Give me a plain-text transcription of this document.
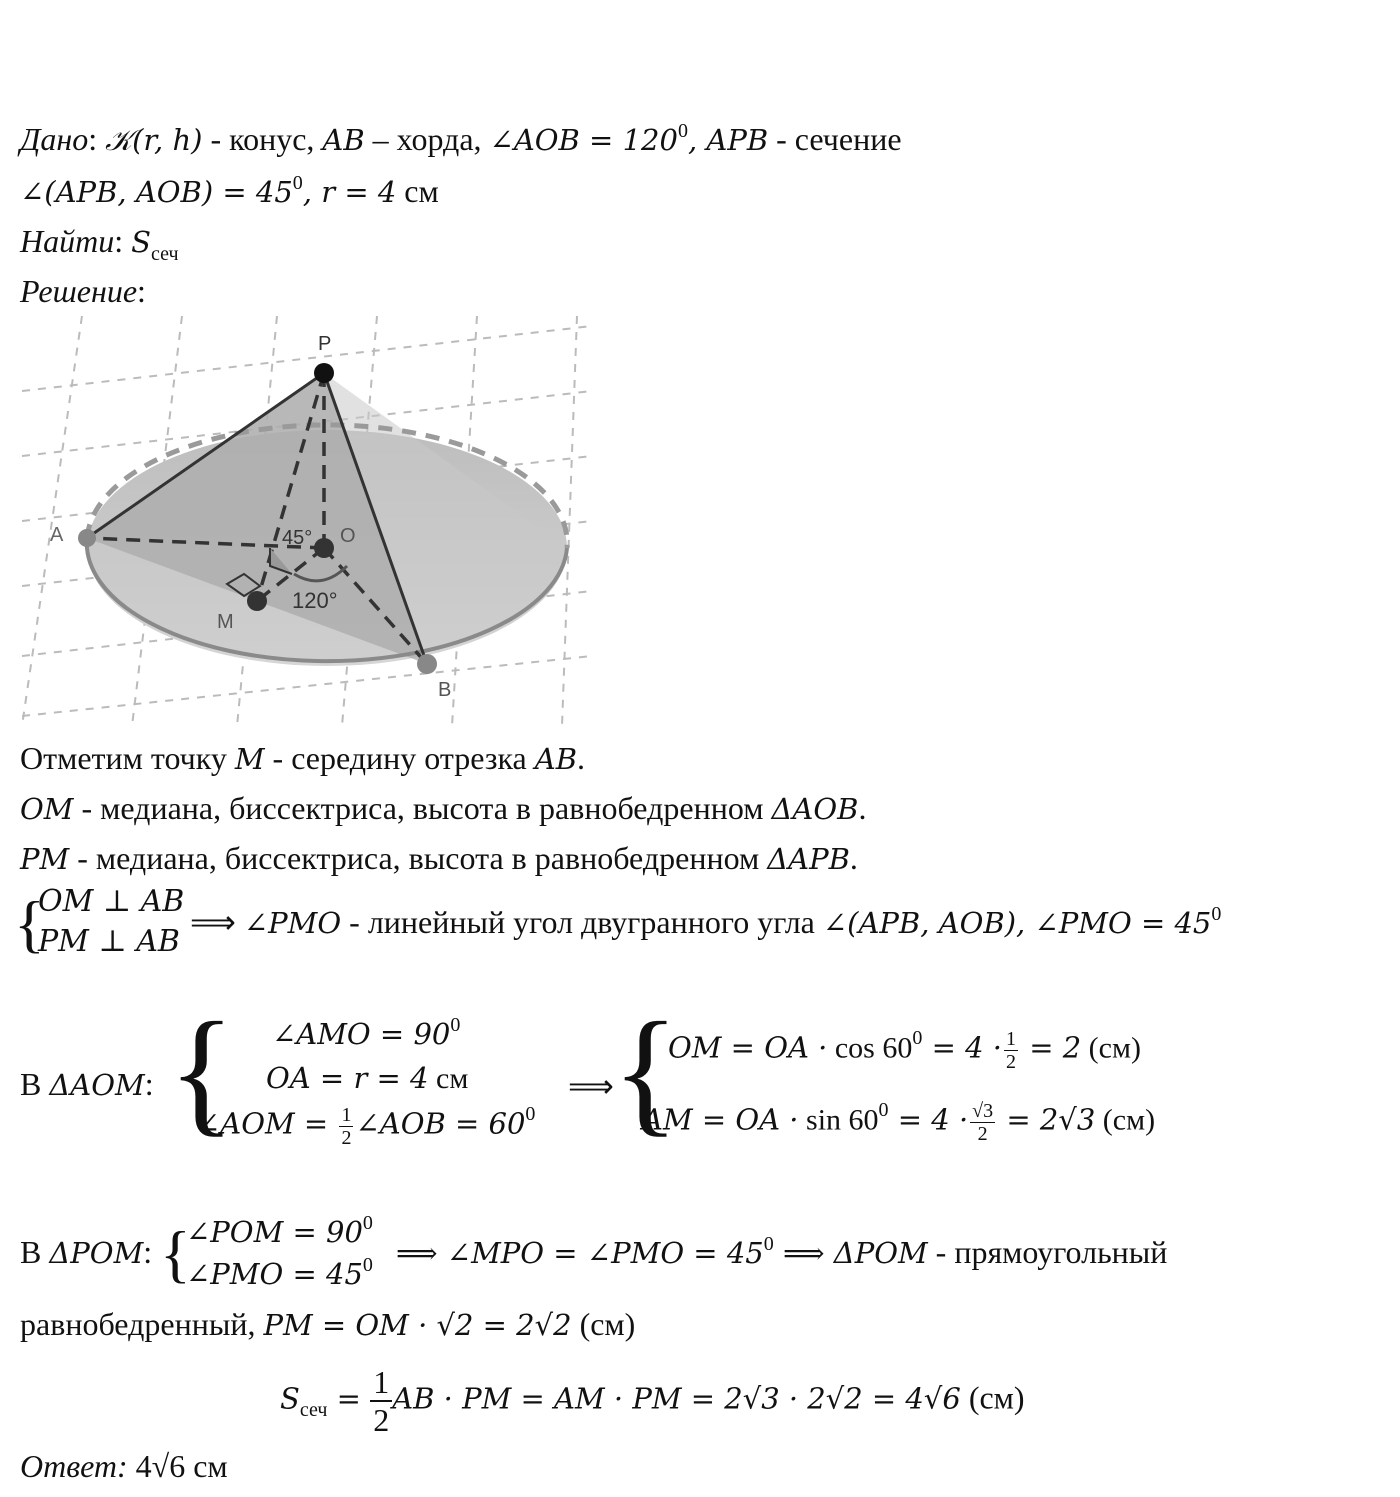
Дано: 𝒦(r, h) - конус, AB – хорда, ∠AOB = $120^0$, APB - сечение
∠(APB, $AOB) = 45^0$, r = 4 см
Найти: $S_{сеч}$
Решение:
P
A	O
M
B
45°
120°
Отметим точку M - середину отрезка AB.
OM - медиана, биссектриса, высота в равнобедренном ΔAOB.
PM - медиана, биссектриса, высота в равнобедренном ΔAPB.
{
OM ⊥ AB
PM ⊥ AB
⟹ ∠PMO - линейный угол двугранного угла ∠(APB, AOB), ∠PMO = $45^0$
В ΔAOM: { ∠AMO = $90^0$
OA = r = 4 см
∠AOM = $\frac{1}{2}$ ∠AOB = $60^0$
⟹
{
OM = OA · $\cos 60^0 = 4 \cdot \frac{1}{2} = 2$ (см)
AM = OA · $\sin 60^0 = 4 \cdot \frac{√3}{2} = 2√3$ (см)
В ΔPOM: {
∠POM = $90^0$
∠PMO = $45^0$ ⟹ ∠MPO = ∠PMO = $45^0$ ⟹ ΔPOM - прямоугольный
равнобедренный, PM = OM · √2 = 2√2 (см)
$S_{сеч} = \frac{1}{2}AB$ · PM = AM · PM = 2√3 · 2√2 = 4√6 (см)
Ответ: 4√6 см
